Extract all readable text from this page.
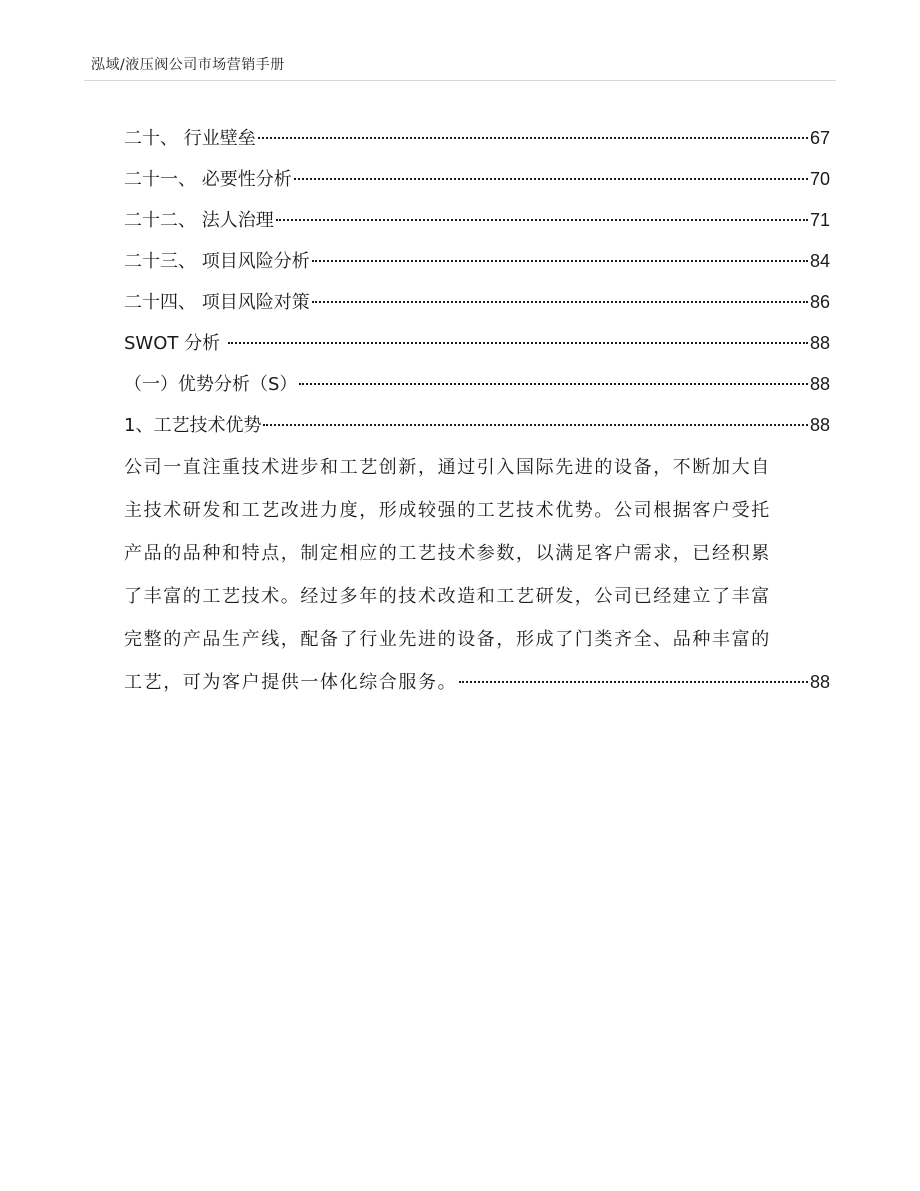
泓域/液压阀公司市场营销手册
二十、 行业壁垒	67
二十一、 必要性分析	70
二十二、 法人治理	71
二十三、 项目风险分析	84
二十四、 项目风险对策	86
SWOT 分析	88
（一）优势分析（S）	88
1、工艺技术优势	88
公司一直注重技术进步和工艺创新，通过引入国际先进的设备，不断加大自
主技术研发和工艺改进力度，形成较强的工艺技术优势。公司根据客户受托
产品的品种和特点，制定相应的工艺技术参数，以满足客户需求，已经积累
了丰富的工艺技术。经过多年的技术改造和工艺研发，公司已经建立了丰富
完整的产品生产线，配备了行业先进的设备，形成了门类齐全、品种丰富的
工艺，可为客户提供一体化综合服务。	88
